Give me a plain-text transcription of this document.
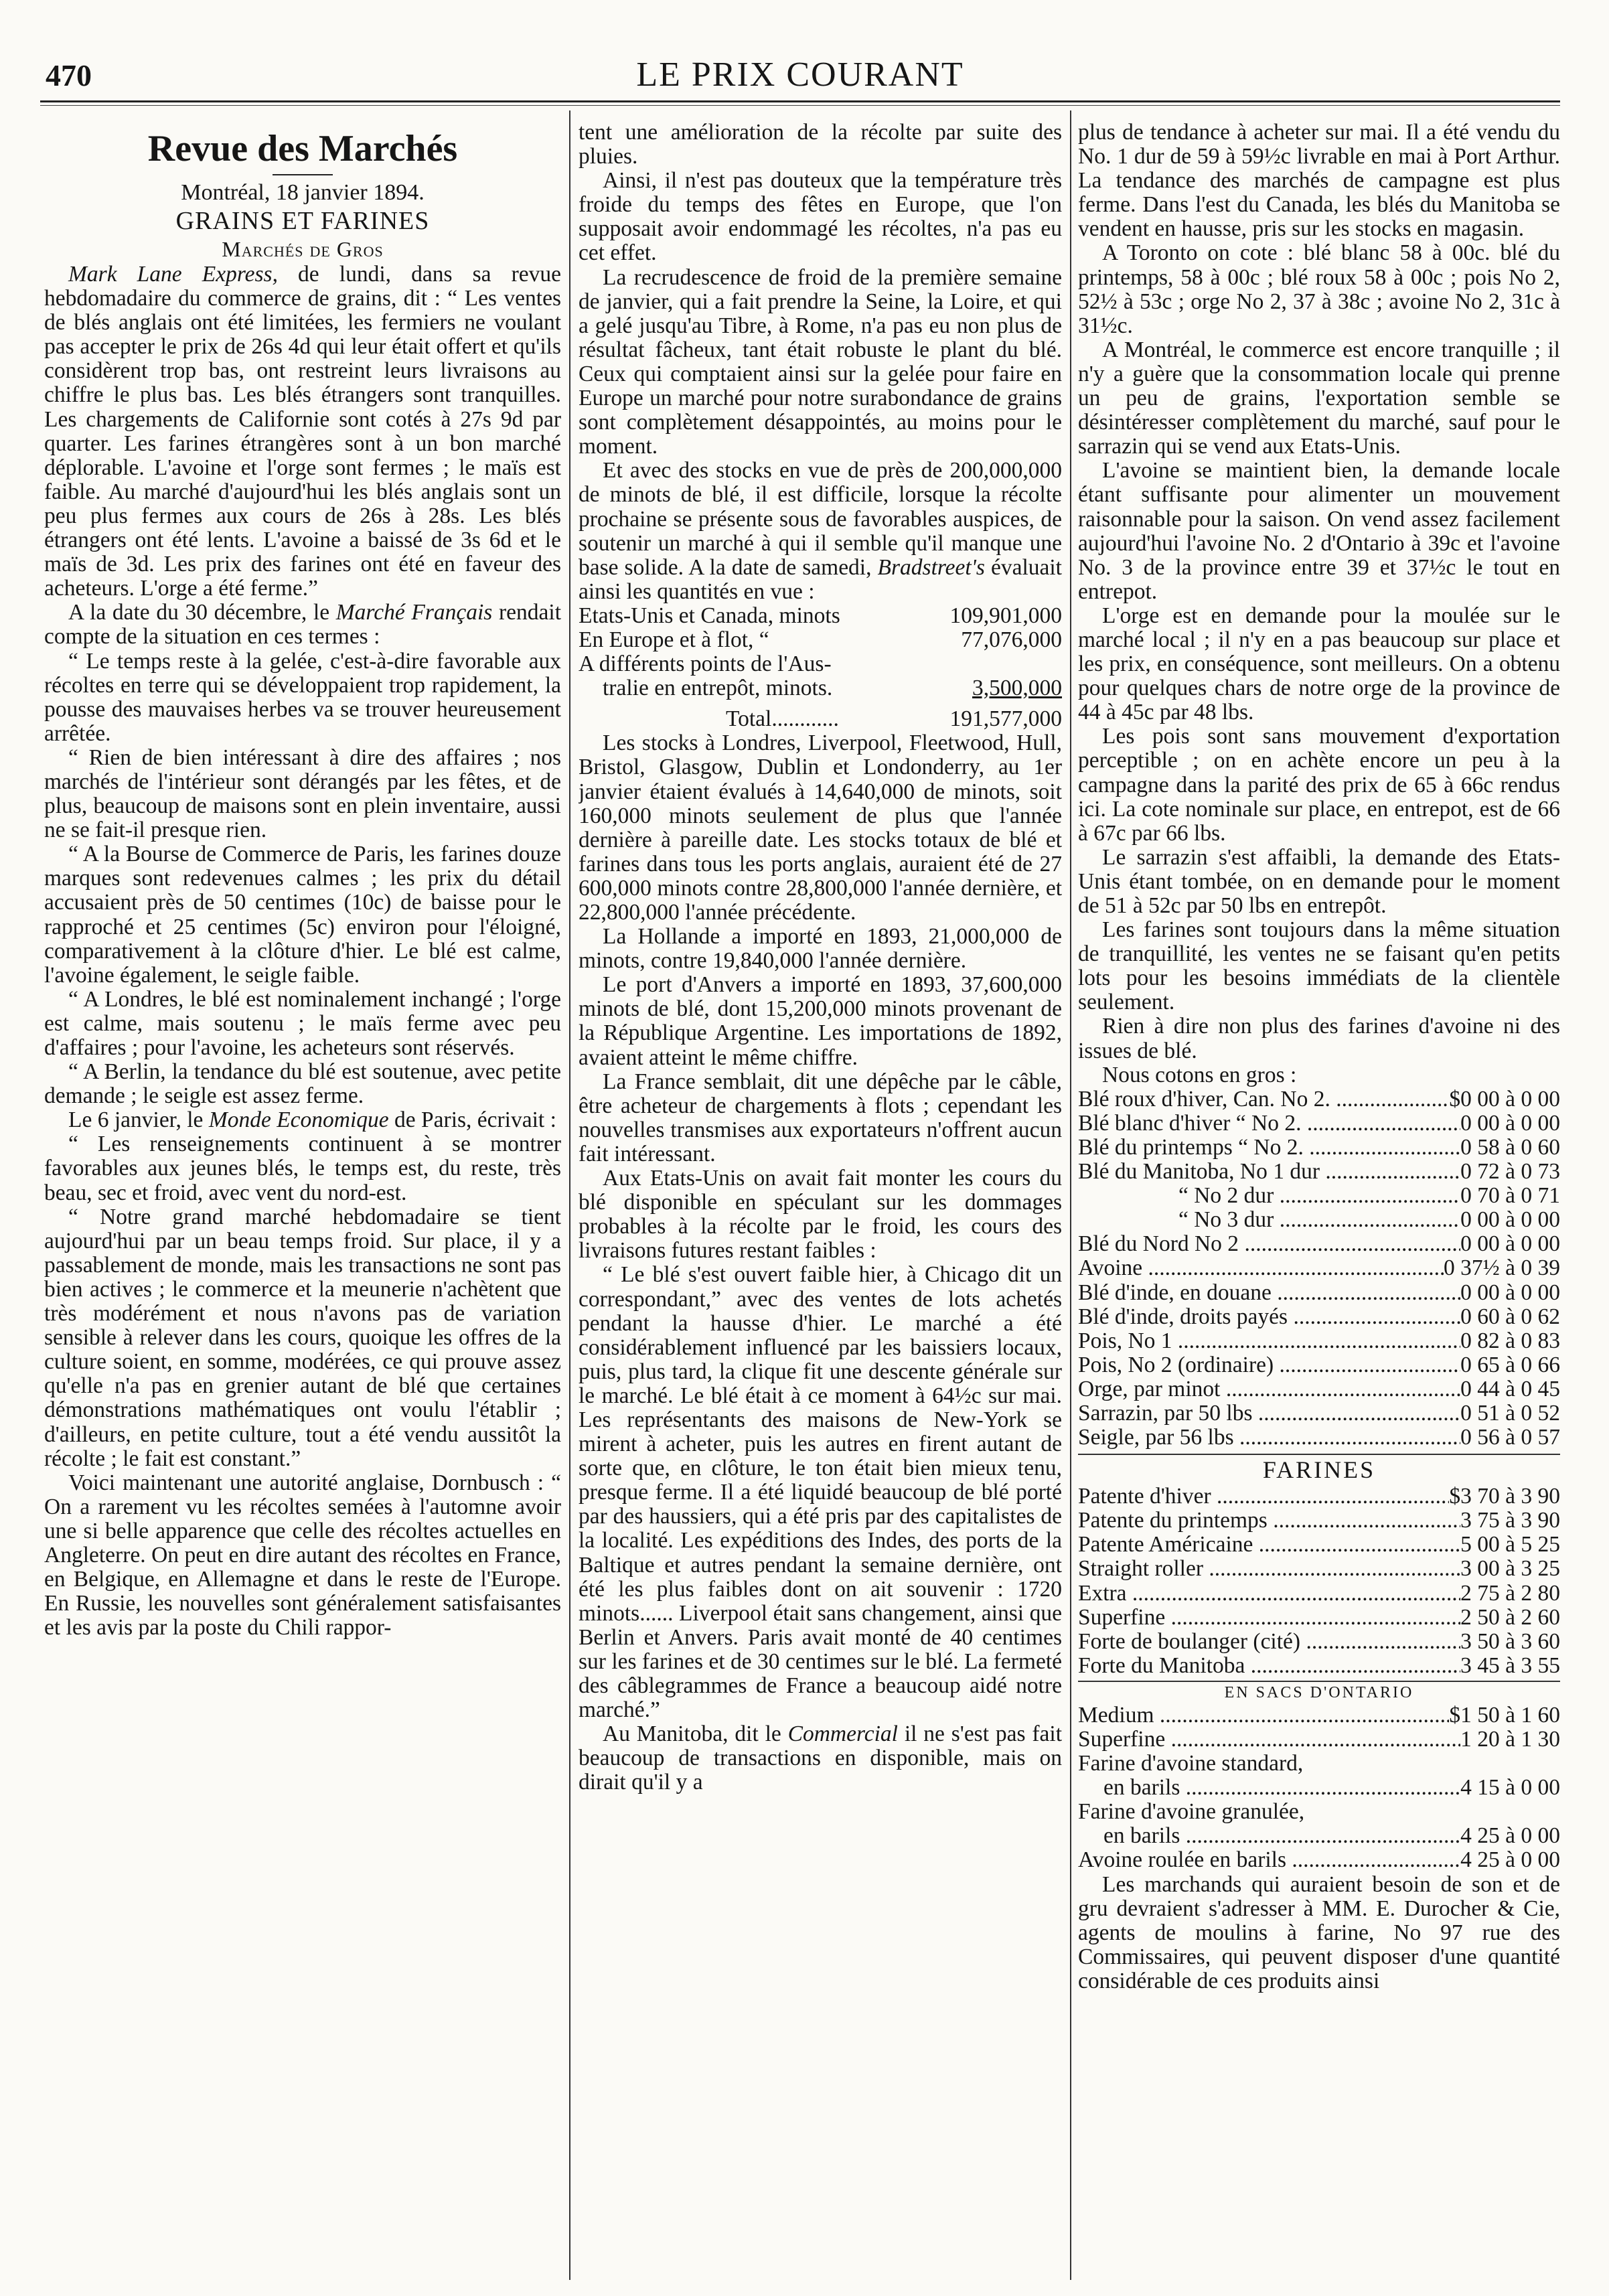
470	LE PRIX COURANT
Revue des Marchés
Montréal, 18 janvier 1894.
GRAINS ET FARINES
Marchés de Gros

Mark Lane Express, de lundi, dans sa revue hebdomadaire du commerce de grains, dit : “ Les ventes de blés anglais ont été limitées, les fermiers ne voulant pas accepter le prix de 26s 4d qui leur était offert et qu'ils considèrent trop bas, ont restreint leurs livraisons au chiffre le plus bas. Les blés étrangers sont tranquilles. Les chargements de Californie sont cotés à 27s 9d par quarter. Les farines étrangères sont à un bon marché déplorable. L'avoine et l'orge sont fermes ; le maïs est faible. Au marché d'aujourd'hui les blés anglais sont un peu plus fermes aux cours de 26s à 28s. Les blés étrangers ont été lents. L'avoine a baissé de 3s 6d et le maïs de 3d. Les prix des farines ont été en faveur des acheteurs. L'orge a été ferme.”

A la date du 30 décembre, le Marché Français rendait compte de la situation en ces termes :

“ Le temps reste à la gelée, c'est-à-dire favorable aux récoltes en terre qui se développaient trop rapidement, la pousse des mauvaises herbes va se trouver heureusement arrêtée.

“ Rien de bien intéressant à dire des affaires ; nos marchés de l'intérieur sont dérangés par les fêtes, et de plus, beaucoup de maisons sont en plein inventaire, aussi ne se fait-il presque rien.

“ A la Bourse de Commerce de Paris, les farines douze marques sont redevenues calmes ; les prix du détail accusaient près de 50 centimes (10c) de baisse pour le rapproché et 25 centimes (5c) environ pour l'éloigné, comparativement à la clôture d'hier. Le blé est calme, l'avoine également, le seigle faible.

“ A Londres, le blé est nominalement inchangé ; l'orge est calme, mais soutenu ; le maïs ferme avec peu d'affaires ; pour l'avoine, les acheteurs sont réservés.

“ A Berlin, la tendance du blé est soutenue, avec petite demande ; le seigle est assez ferme.

Le 6 janvier, le Monde Economique de Paris, écrivait :

“ Les renseignements continuent à se montrer favorables aux jeunes blés, le temps est, du reste, très beau, sec et froid, avec vent du nord-est.

“ Notre grand marché hebdomadaire se tient aujourd'hui par un beau temps froid. Sur place, il y a passablement de monde, mais les transactions ne sont pas bien actives ; le commerce et la meunerie n'achètent que très modérément et nous n'avons pas de variation sensible à relever dans les cours, quoique les offres de la culture soient, en somme, modérées, ce qui prouve assez qu'elle n'a pas en grenier autant de blé que certaines démonstrations mathématiques ont voulu l'établir ; d'ailleurs, en petite culture, tout a été vendu aussitôt la récolte ; le fait est constant.”

Voici maintenant une autorité anglaise, Dornbusch : “ On a rarement vu les récoltes semées à l'automne avoir une si belle apparence que celle des récoltes actuelles en Angleterre. On peut en dire autant des récoltes en France, en Belgique, en Allemagne et dans le reste de l'Europe. En Russie, les nouvelles sont généralement satisfaisantes et les avis par la poste du Chili rappor-

tent une amélioration de la récolte par suite des pluies.

Ainsi, il n'est pas douteux que la température très froide du temps des fêtes en Europe, que l'on supposait avoir endommagé les récoltes, n'a pas eu cet effet.

La recrudescence de froid de la première semaine de janvier, qui a fait prendre la Seine, la Loire, et qui a gelé jusqu'au Tibre, à Rome, n'a pas eu non plus de résultat fâcheux, tant était robuste le plant du blé. Ceux qui comptaient ainsi sur la gelée pour faire en Europe un marché pour notre surabondance de grains sont complètement désappointés, au moins pour le moment.

Et avec des stocks en vue de près de 200,000,000 de minots de blé, il est difficile, lorsque la récolte prochaine se présente sous de favorables auspices, de soutenir un marché à qui il semble qu'il manque une base solide. A la date de samedi, Bradstreet's évaluait ainsi les quantités en vue :

Etats-Unis et Canada, minots	109,901,000
En Europe et à flot, “	77,076,000
A différents points de l'Aus-
tralie en entrepôt, minots.	3,500,000
Total............	191,577,000

Les stocks à Londres, Liverpool, Fleetwood, Hull, Bristol, Glasgow, Dublin et Londonderry, au 1er janvier étaient évalués à 14,640,000 de minots, soit 160,000 minots seulement de plus que l'année dernière à pareille date. Les stocks totaux de blé et farines dans tous les ports anglais, auraient été de 27 600,000 minots contre 28,800,000 l'année dernière, et 22,800,000 l'année précédente.

La Hollande a importé en 1893, 21,000,000 de minots, contre 19,840,000 l'année dernière.

Le port d'Anvers a importé en 1893, 37,600,000 minots de blé, dont 15,200,000 minots provenant de la République Argentine. Les importations de 1892, avaient atteint le même chiffre.

La France semblait, dit une dépêche par le câble, être acheteur de chargements à flots ; cependant les nouvelles transmises aux exportateurs n'offrent aucun fait intéressant.

Aux Etats-Unis on avait fait monter les cours du blé disponible en spéculant sur les dommages probables à la récolte par le froid, les cours des livraisons futures restant faibles :

“ Le blé s'est ouvert faible hier, à Chicago dit un correspondant,” avec des ventes de lots achetés pendant la hausse d'hier. Le marché a été considérablement influencé par les baissiers locaux, puis, plus tard, la clique fit une descente générale sur le marché. Le blé était à ce moment à 64½c sur mai. Les représentants des maisons de New-York se mirent à acheter, puis les autres en firent autant de sorte que, en clôture, le ton était bien mieux tenu, presque ferme. Il a été liquidé beaucoup de blé porté par des haussiers, qui a été pris par des capitalistes de la localité. Les expéditions des Indes, des ports de la Baltique et autres pendant la semaine dernière, ont été les plus faibles dont on ait souvenir : 1720 minots...... Liverpool était sans changement, ainsi que Berlin et Anvers. Paris avait monté de 40 centimes sur les farines et de 30 centimes sur le blé. La fermeté des câblegrammes de France a beaucoup aidé notre marché.”

Au Manitoba, dit le Commercial il ne s'est pas fait beaucoup de transactions en disponible, mais on dirait qu'il y a

plus de tendance à acheter sur mai. Il a été vendu du No. 1 dur de 59 à 59½c livrable en mai à Port Arthur. La tendance des marchés de campagne est plus ferme. Dans l'est du Canada, les blés du Manitoba se vendent en hausse, pris sur les stocks en magasin.

A Toronto on cote : blé blanc 58 à 00c. blé du printemps, 58 à 00c ; blé roux 58 à 00c ; pois No 2, 52½ à 53c ; orge No 2, 37 à 38c ; avoine No 2, 31c à 31½c.

A Montréal, le commerce est encore tranquille ; il n'y a guère que la consommation locale qui prenne un peu de grains, l'exportation semble se désintéresser complètement du marché, sauf pour le sarrazin qui se vend aux Etats-Unis.

L'avoine se maintient bien, la demande locale étant suffisante pour alimenter un mouvement raisonnable pour la saison. On vend assez facilement aujourd'hui l'avoine No. 2 d'Ontario à 39c et l'avoine No. 3 de la province entre 39 et 37½c le tout en entrepot.

L'orge est en demande pour la moulée sur le marché local ; il n'y en a pas beaucoup sur place et les prix, en conséquence, sont meilleurs. On a obtenu pour quelques chars de notre orge de la province de 44 à 45c par 48 lbs.

Les pois sont sans mouvement d'exportation perceptible ; on en achète encore un peu à la campagne dans la parité des prix de 65 à 66c rendus ici. La cote nominale sur place, en entrepot, est de 66 à 67c par 66 lbs.

Le sarrazin s'est affaibli, la demande des Etats-Unis étant tombée, on en demande pour le moment de 51 à 52c par 50 lbs en entrepôt.

Les farines sont toujours dans la même situation de tranquillité, les ventes ne se faisant qu'en petits lots pour les besoins immédiats de la clientèle seulement.

Rien à dire non plus des farines d'avoine ni des issues de blé.

Nous cotons en gros :

Blé roux d'hiver, Can. No 2. .....	$0 00 à 0 00
Blé blanc d'hiver “ No 2. .....	0 00 à 0 00
Blé du printemps “ No 2. .....	0 58 à 0 60
Blé du Manitoba, No 1 dur .....	0 72 à 0 73
“ No 2 dur .....	0 70 à 0 71
“ No 3 dur .....	0 00 à 0 00
Blé du Nord No 2 .....	0 00 à 0 00
Avoine .....	0 37½ à 0 39
Blé d'inde, en douane .....	0 00 à 0 00
Blé d'inde, droits payés .....	0 60 à 0 62
Pois, No 1 .....	0 82 à 0 83
Pois, No 2 (ordinaire) .....	0 65 à 0 66
Orge, par minot .....	0 44 à 0 45
Sarrazin, par 50 lbs .....	0 51 à 0 52
Seigle, par 56 lbs .....	0 56 à 0 57
FARINES
Patente d'hiver .....	$3 70 à 3 90
Patente du printemps .....	3 75 à 3 90
Patente Américaine .....	5 00 à 5 25
Straight roller .....	3 00 à 3 25
Extra .....	2 75 à 2 80
Superfine .....	2 50 à 2 60
Forte de boulanger (cité) .....	3 50 à 3 60
Forte du Manitoba .....	3 45 à 3 55
EN SACS D'ONTARIO
Medium .....	$1 50 à 1 60
Superfine .....	1 20 à 1 30
Farine d'avoine standard,
en barils .....	4 15 à 0 00
Farine d'avoine granulée,
en barils .....	4 25 à 0 00
Avoine roulée en barils .....	4 25 à 0 00

Les marchands qui auraient besoin de son et de gru devraient s'adresser à MM. E. Durocher & Cie, agents de moulins à farine, No 97 rue des Commissaires, qui peuvent disposer d'une quantité considérable de ces produits ainsi
